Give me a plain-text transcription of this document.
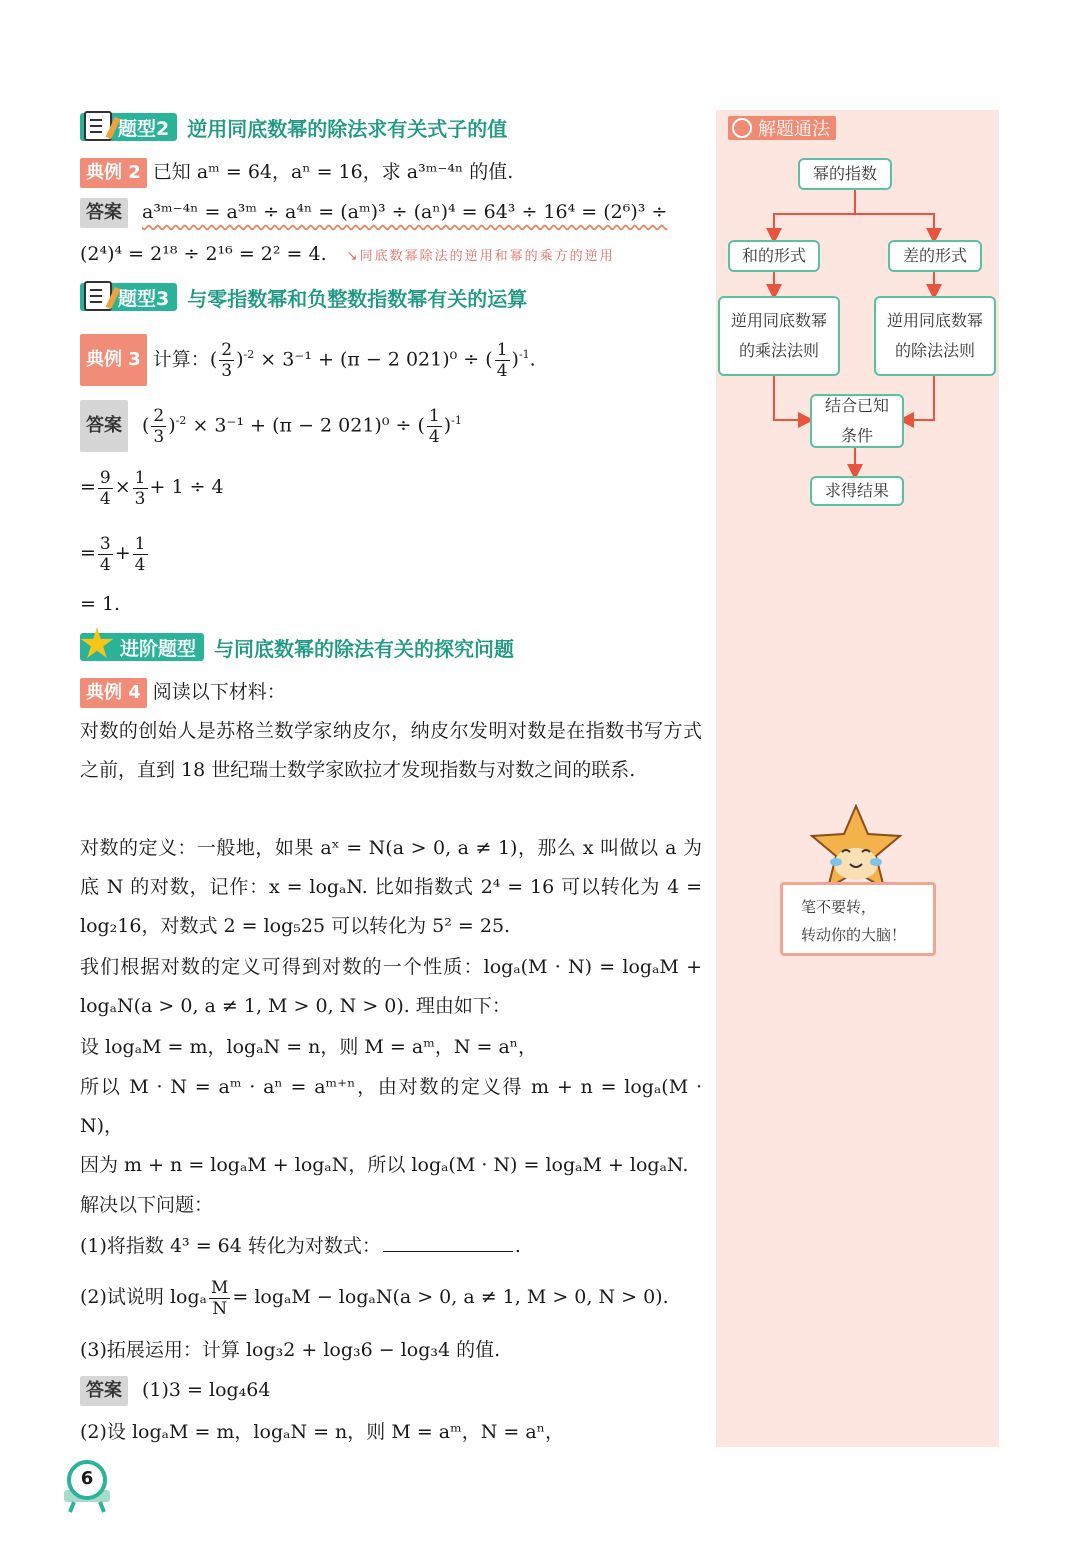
题型2 逆用同底数幂的除法求有关式子的值
典例 2 已知 aᵐ = 64，aⁿ = 16，求 a³ᵐ⁻⁴ⁿ 的值.
答案 a³ᵐ⁻⁴ⁿ = a³ᵐ ÷ a⁴ⁿ = (aᵐ)³ ÷ (aⁿ)⁴ = 64³ ÷ 16⁴ = (2⁶)³ ÷
(2⁴)⁴ = 2¹⁸ ÷ 2¹⁶ = 2² = 4. ↘同底数幂除法的逆用和幂的乘方的逆用
题型3 与零指数幂和负整数指数幂有关的运算
典例 3 计算：( $\frac{2}{3} )^{-2} \times 3^{-1} + (\pi - 2$ 021)⁰ ÷ ( $\frac{1}{4} )^{-1}$.
答案 ( $\frac{2}{3} )^{-2} \times 3^{-1} + (\pi - 2$ 021)⁰ ÷ ( $\frac{1}{4} )^{-1}$
= $\frac{9}{4} \times \frac{1}{3} + 1 \div 4$
= $\frac{3}{4} + \frac{1}{4}$
= 1.
进阶题型 与同底数幂的除法有关的探究问题
典例 4 阅读以下材料：
对数的创始人是苏格兰数学家纳皮尔，纳皮尔发明对数是在指数书写方式之前，直到 18 世纪瑞士数学家欧拉才发现指数与对数之间的联系.
对数的定义：一般地，如果 aˣ = N(a > 0, a ≠ 1)，那么 x 叫做以 a 为底 N 的对数，记作：x = logₐN. 比如指数式 2⁴ = 16 可以转化为 4 = log₂16，对数式 2 = log₅25 可以转化为 5² = 25.
我们根据对数的定义可得到对数的一个性质：logₐ(M · N) = logₐM + logₐN(a > 0, a ≠ 1, M > 0, N > 0). 理由如下：
设 logₐM = m，logₐN = n，则 M = aᵐ，N = aⁿ，
所以 M · N = aᵐ · aⁿ = aᵐ⁺ⁿ，由对数的定义得 m + n = logₐ(M · N)，
因为 m + n = logₐM + logₐN，所以 logₐ(M · N) = logₐM + logₐN.
解决以下问题：
(1)将指数 4³ = 64 转化为对数式：	.
(2)试说明 logₐ $\frac{M}{N} = \log_aM - \log_aN(a > 0$, a ≠ 1, M > 0, N > 0).
(3)拓展运用：计算 log₃2 + log₃6 − log₃4 的值.
答案 (1)3 = log₄64
(2)设 logₐM = m，logₐN = n，则 M = aᵐ，N = aⁿ，
解题通法
幂的指数
和的形式	差的形式
逆用同底数幂的乘法法则
逆用同底数幂的除法法则
结合已知条件
求得结果
笔不要转，
转动你的大脑！
6
